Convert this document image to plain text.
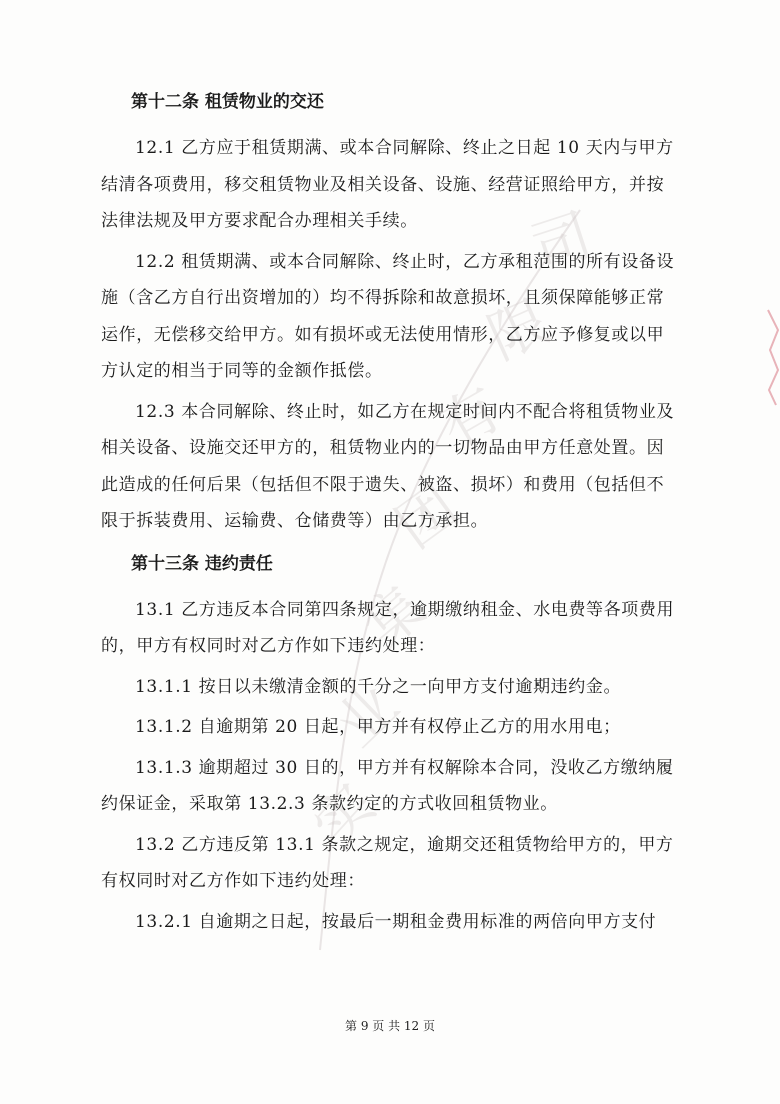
司
限
有
团
集
业
实
第十二条 租赁物业的交还

12.1 乙方应于租赁期满、或本合同解除、终止之日起 10 天内与甲方结清各项费用，移交租赁物业及相关设备、设施、经营证照给甲方，并按法律法规及甲方要求配合办理相关手续。

12.2 租赁期满、或本合同解除、终止时，乙方承租范围的所有设备设施（含乙方自行出资增加的）均不得拆除和故意损坏，且须保障能够正常运作，无偿移交给甲方。如有损坏或无法使用情形，乙方应予修复或以甲方认定的相当于同等的金额作抵偿。

12.3 本合同解除、终止时，如乙方在规定时间内不配合将租赁物业及相关设备、设施交还甲方的，租赁物业内的一切物品由甲方任意处置。因此造成的任何后果（包括但不限于遗失、被盗、损坏）和费用（包括但不限于拆装费用、运输费、仓储费等）由乙方承担。

第十三条 违约责任

13.1 乙方违反本合同第四条规定，逾期缴纳租金、水电费等各项费用的，甲方有权同时对乙方作如下违约处理：

13.1.1 按日以未缴清金额的千分之一向甲方支付逾期违约金。

13.1.2 自逾期第 20 日起，甲方并有权停止乙方的用水用电；

13.1.3 逾期超过 30 日的，甲方并有权解除本合同，没收乙方缴纳履约保证金，采取第 13.2.3 条款约定的方式收回租赁物业。

13.2 乙方违反第 13.1 条款之规定，逾期交还租赁物给甲方的，甲方有权同时对乙方作如下违约处理：

13.2.1 自逾期之日起，按最后一期租金费用标准的两倍向甲方支付

第 9 页 共 12 页
